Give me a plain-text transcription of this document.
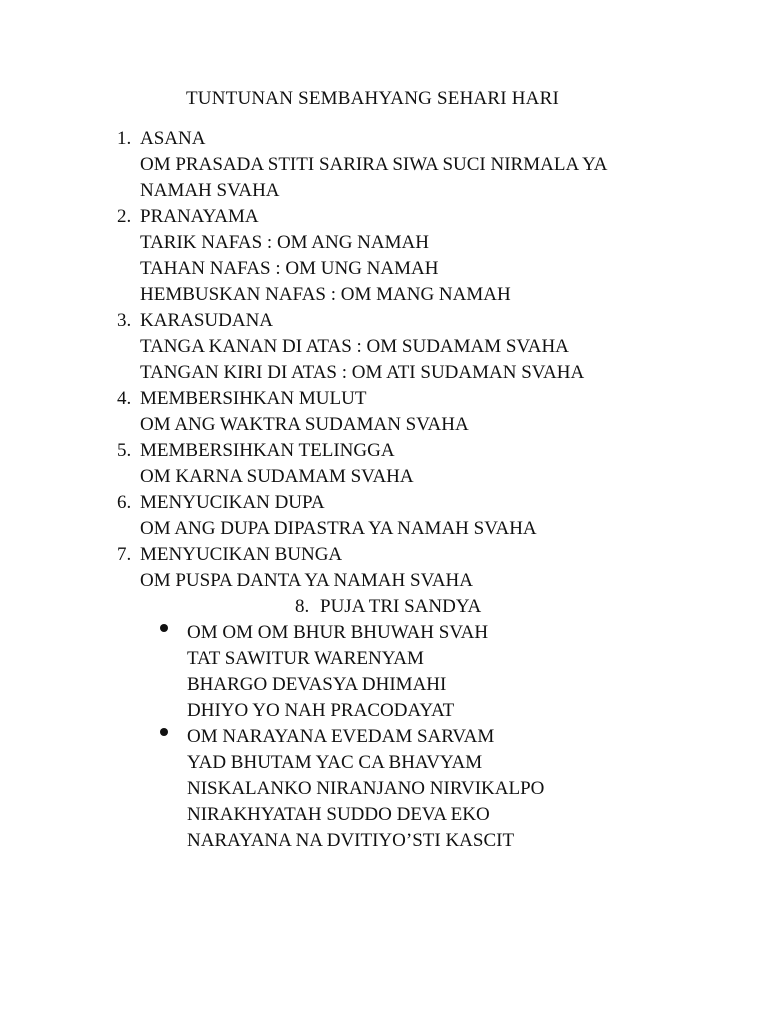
TUNTUNAN SEMBAHYANG SEHARI HARI
1. ASANA
OM PRASADA STITI SARIRA SIWA SUCI NIRMALA YA
NAMAH SVAHA
2. PRANAYAMA
TARIK NAFAS : OM ANG NAMAH
TAHAN NAFAS : OM UNG NAMAH
HEMBUSKAN NAFAS : OM MANG NAMAH
3. KARASUDANA
TANGA KANAN DI ATAS : OM SUDAMAM SVAHA
TANGAN KIRI DI ATAS : OM ATI SUDAMAN SVAHA
4. MEMBERSIHKAN MULUT
OM ANG WAKTRA SUDAMAN SVAHA
5. MEMBERSIHKAN TELINGGA
OM KARNA SUDAMAM SVAHA
6. MENYUCIKAN DUPA
OM ANG DUPA DIPASTRA YA NAMAH SVAHA
7. MENYUCIKAN BUNGA
OM PUSPA DANTA YA NAMAH SVAHA
8. PUJA TRI SANDYA
OM OM OM BHUR BHUWAH SVAH
TAT SAWITUR WARENYAM
BHARGO DEVASYA DHIMAHI
DHIYO YO NAH PRACODAYAT
OM NARAYANA EVEDAM SARVAM
YAD BHUTAM YAC CA BHAVYAM
NISKALANKO NIRANJANO NIRVIKALPO
NIRAKHYATAH SUDDO DEVA EKO
NARAYANA NA DVITIYO’STI KASCIT
